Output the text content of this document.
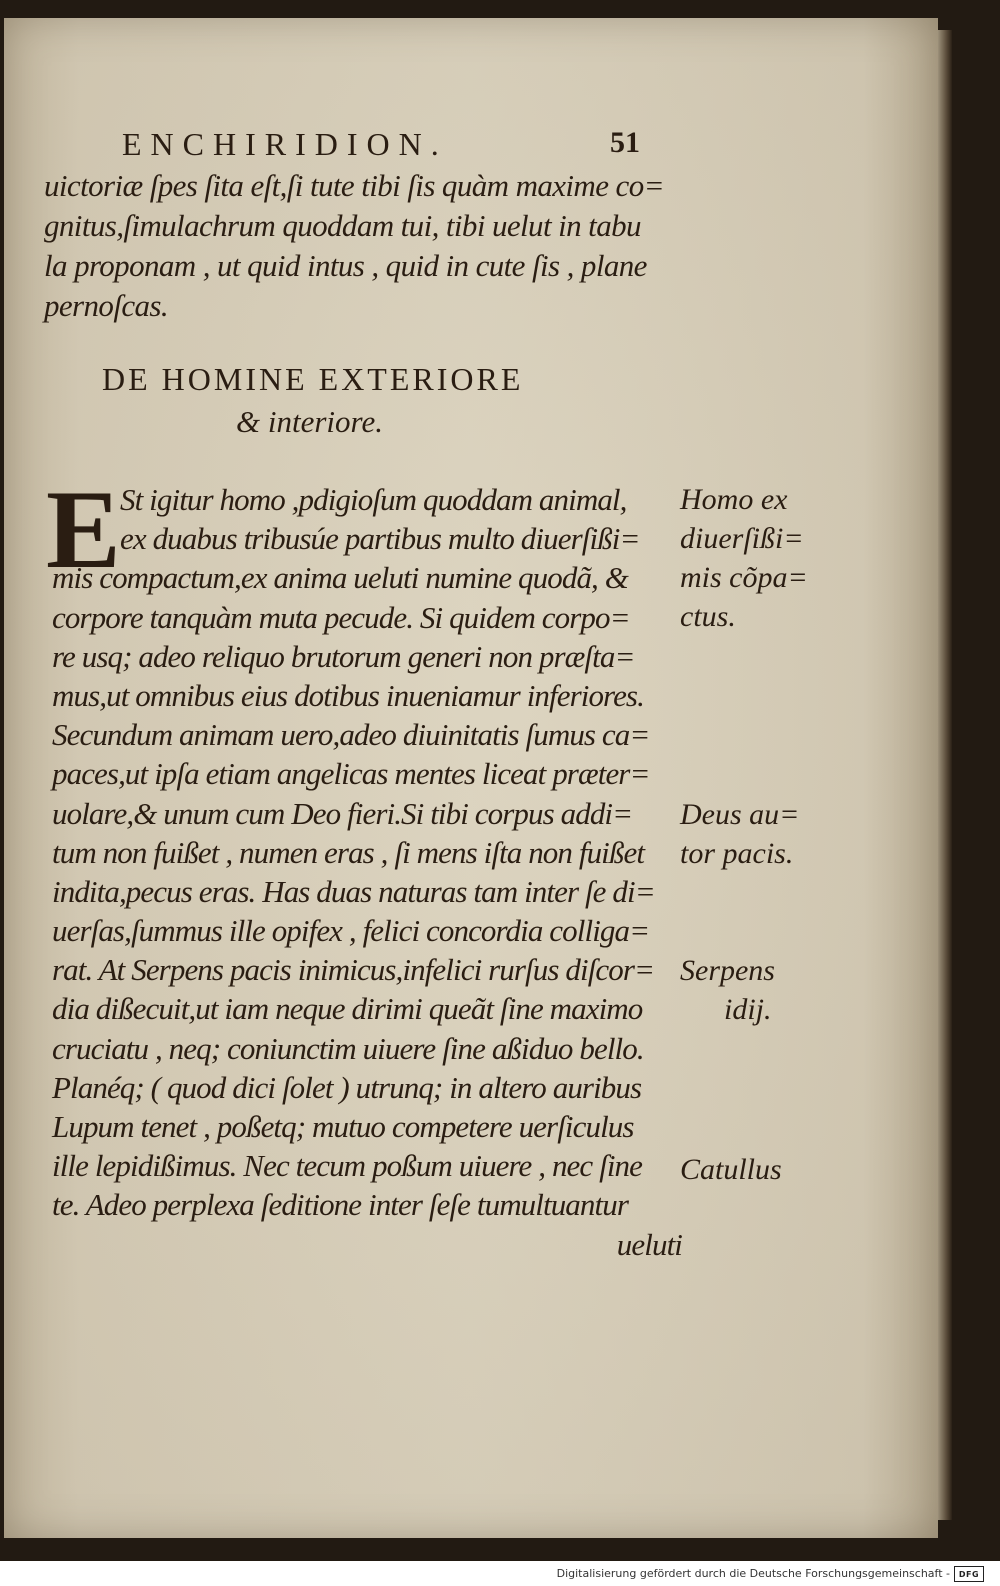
ENCHIRIDION.	51
uictoriæ ſpes ſita eſt,ſi tute tibi ſis quàm maxime co=
gnitus,ſimulachrum quoddam tui, tibi uelut in tabu
la proponam , ut quid intus , quid in cute ſis , plane
pernoſcas.
DE HOMINE EXTERIORE
& interiore.
E St igitur homo ,pdigioſum quoddam animal,
ex duabus tribusúe partibus multo diuerſißi=
mis compactum,ex anima ueluti numine quodã, &
corpore tanquàm muta pecude. Si quidem corpo=
re usq; adeo reliquo brutorum generi non præſta=
mus,ut omnibus eius dotibus inueniamur inferiores.
Secundum animam uero,adeo diuinitatis ſumus ca=
paces,ut ipſa etiam angelicas mentes liceat præter=
uolare,& unum cum Deo fieri.Si tibi corpus addi=
tum non fuißet , numen eras , ſi mens iſta non fuißet
indita,pecus eras. Has duas naturas tam inter ſe di=
uerſas,ſummus ille opifex , felici concordia colliga=
rat. At Serpens pacis inimicus,infelici rurſus diſcor=
dia dißecuit,ut iam neque dirimi queãt ſine maximo
cruciatu , neq; coniunctim uiuere ſine aßiduo bello.
Planéq; ( quod dici ſolet ) utrunq; in altero auribus
Lupum tenet , poßetq; mutuo competere uerſiculus
ille lepidißimus. Nec tecum poßum uiuere , nec ſine
te. Adeo perplexa ſeditione inter ſeſe tumultuantur
ueluti
Homo ex
diuerſißi=
mis cõpa=
ctus.
Deus au=
tor pacis.
Serpens
idij.
Catullus
Digitalisierung gefördert durch die Deutsche Forschungsgemeinschaft - DFG
